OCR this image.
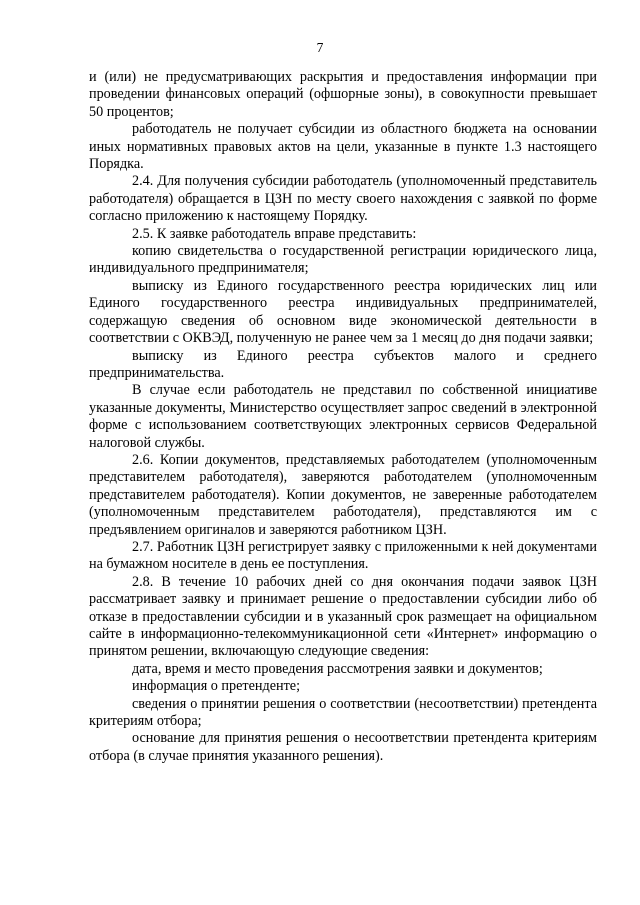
7

и (или) не предусматривающих раскрытия и предоставления информации при проведении финансовых операций (офшорные зоны), в совокупности превышает 50 процентов;

работодатель не получает субсидии из областного бюджета на основании иных нормативных правовых актов на цели, указанные в пункте 1.3 настоящего Порядка.

2.4. Для получения субсидии работодатель (уполномоченный представитель работодателя) обращается в ЦЗН по месту своего нахождения с заявкой по форме согласно приложению к настоящему Порядку.

2.5. К заявке работодатель вправе представить:

копию свидетельства о государственной регистрации юридического лица, индивидуального предпринимателя;

выписку из Единого государственного реестра юридических лиц или Единого государственного реестра индивидуальных предпринимателей, содержащую сведения об основном виде экономической деятельности в соответствии с ОКВЭД, полученную не ранее чем за 1 месяц до дня подачи заявки;

выписку из Единого реестра субъектов малого и среднего предпринимательства.

В случае если работодатель не представил по собственной инициативе указанные документы, Министерство осуществляет запрос сведений в электронной форме с использованием соответствующих электронных сервисов Федеральной налоговой службы.

2.6. Копии документов, представляемых работодателем (уполномоченным представителем работодателя), заверяются работодателем (уполномоченным представителем работодателя). Копии документов, не заверенные работодателем (уполномоченным представителем работодателя), представляются им с предъявлением оригиналов и заверяются работником ЦЗН.

2.7. Работник ЦЗН регистрирует заявку с приложенными к ней документами на бумажном носителе в день ее поступления.

2.8. В течение 10 рабочих дней со дня окончания подачи заявок ЦЗН рассматривает заявку и принимает решение о предоставлении субсидии либо об отказе в предоставлении субсидии и в указанный срок размещает на официальном сайте в информационно-телекоммуникационной сети «Интернет» информацию о принятом решении, включающую следующие сведения:

дата, время и место проведения рассмотрения заявки и документов;

информация о претенденте;

сведения о принятии решения о соответствии (несоответствии) претендента критериям отбора;

основание для принятия решения о несоответствии претендента критериям отбора (в случае принятия указанного решения).
